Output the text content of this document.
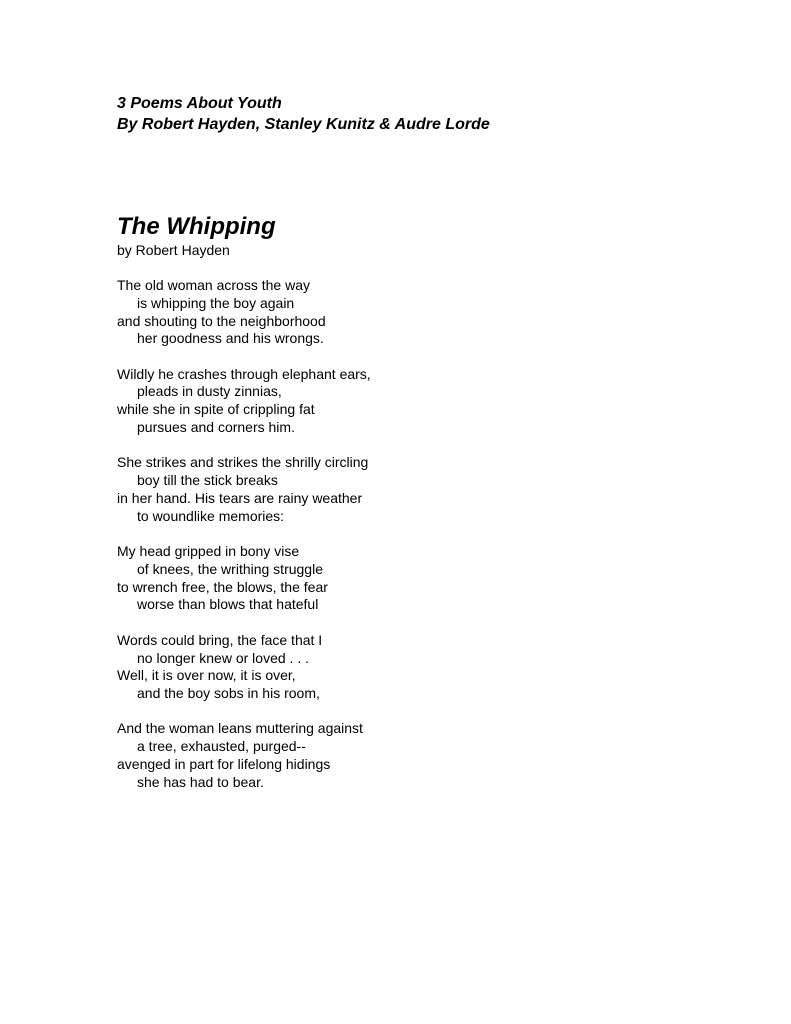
3 Poems About Youth
By Robert Hayden, Stanley Kunitz & Audre Lorde
The Whipping
by Robert Hayden
The old woman across the way
is whipping the boy again
and shouting to the neighborhood
her goodness and his wrongs.
Wildly he crashes through elephant ears,
pleads in dusty zinnias,
while she in spite of crippling fat
pursues and corners him.
She strikes and strikes the shrilly circling
boy till the stick breaks
in her hand. His tears are rainy weather
to woundlike memories:
My head gripped in bony vise
of knees, the writhing struggle
to wrench free, the blows, the fear
worse than blows that hateful
Words could bring, the face that I
no longer knew or loved . . .
Well, it is over now, it is over,
and the boy sobs in his room,
And the woman leans muttering against
a tree, exhausted, purged--
avenged in part for lifelong hidings
she has had to bear.
